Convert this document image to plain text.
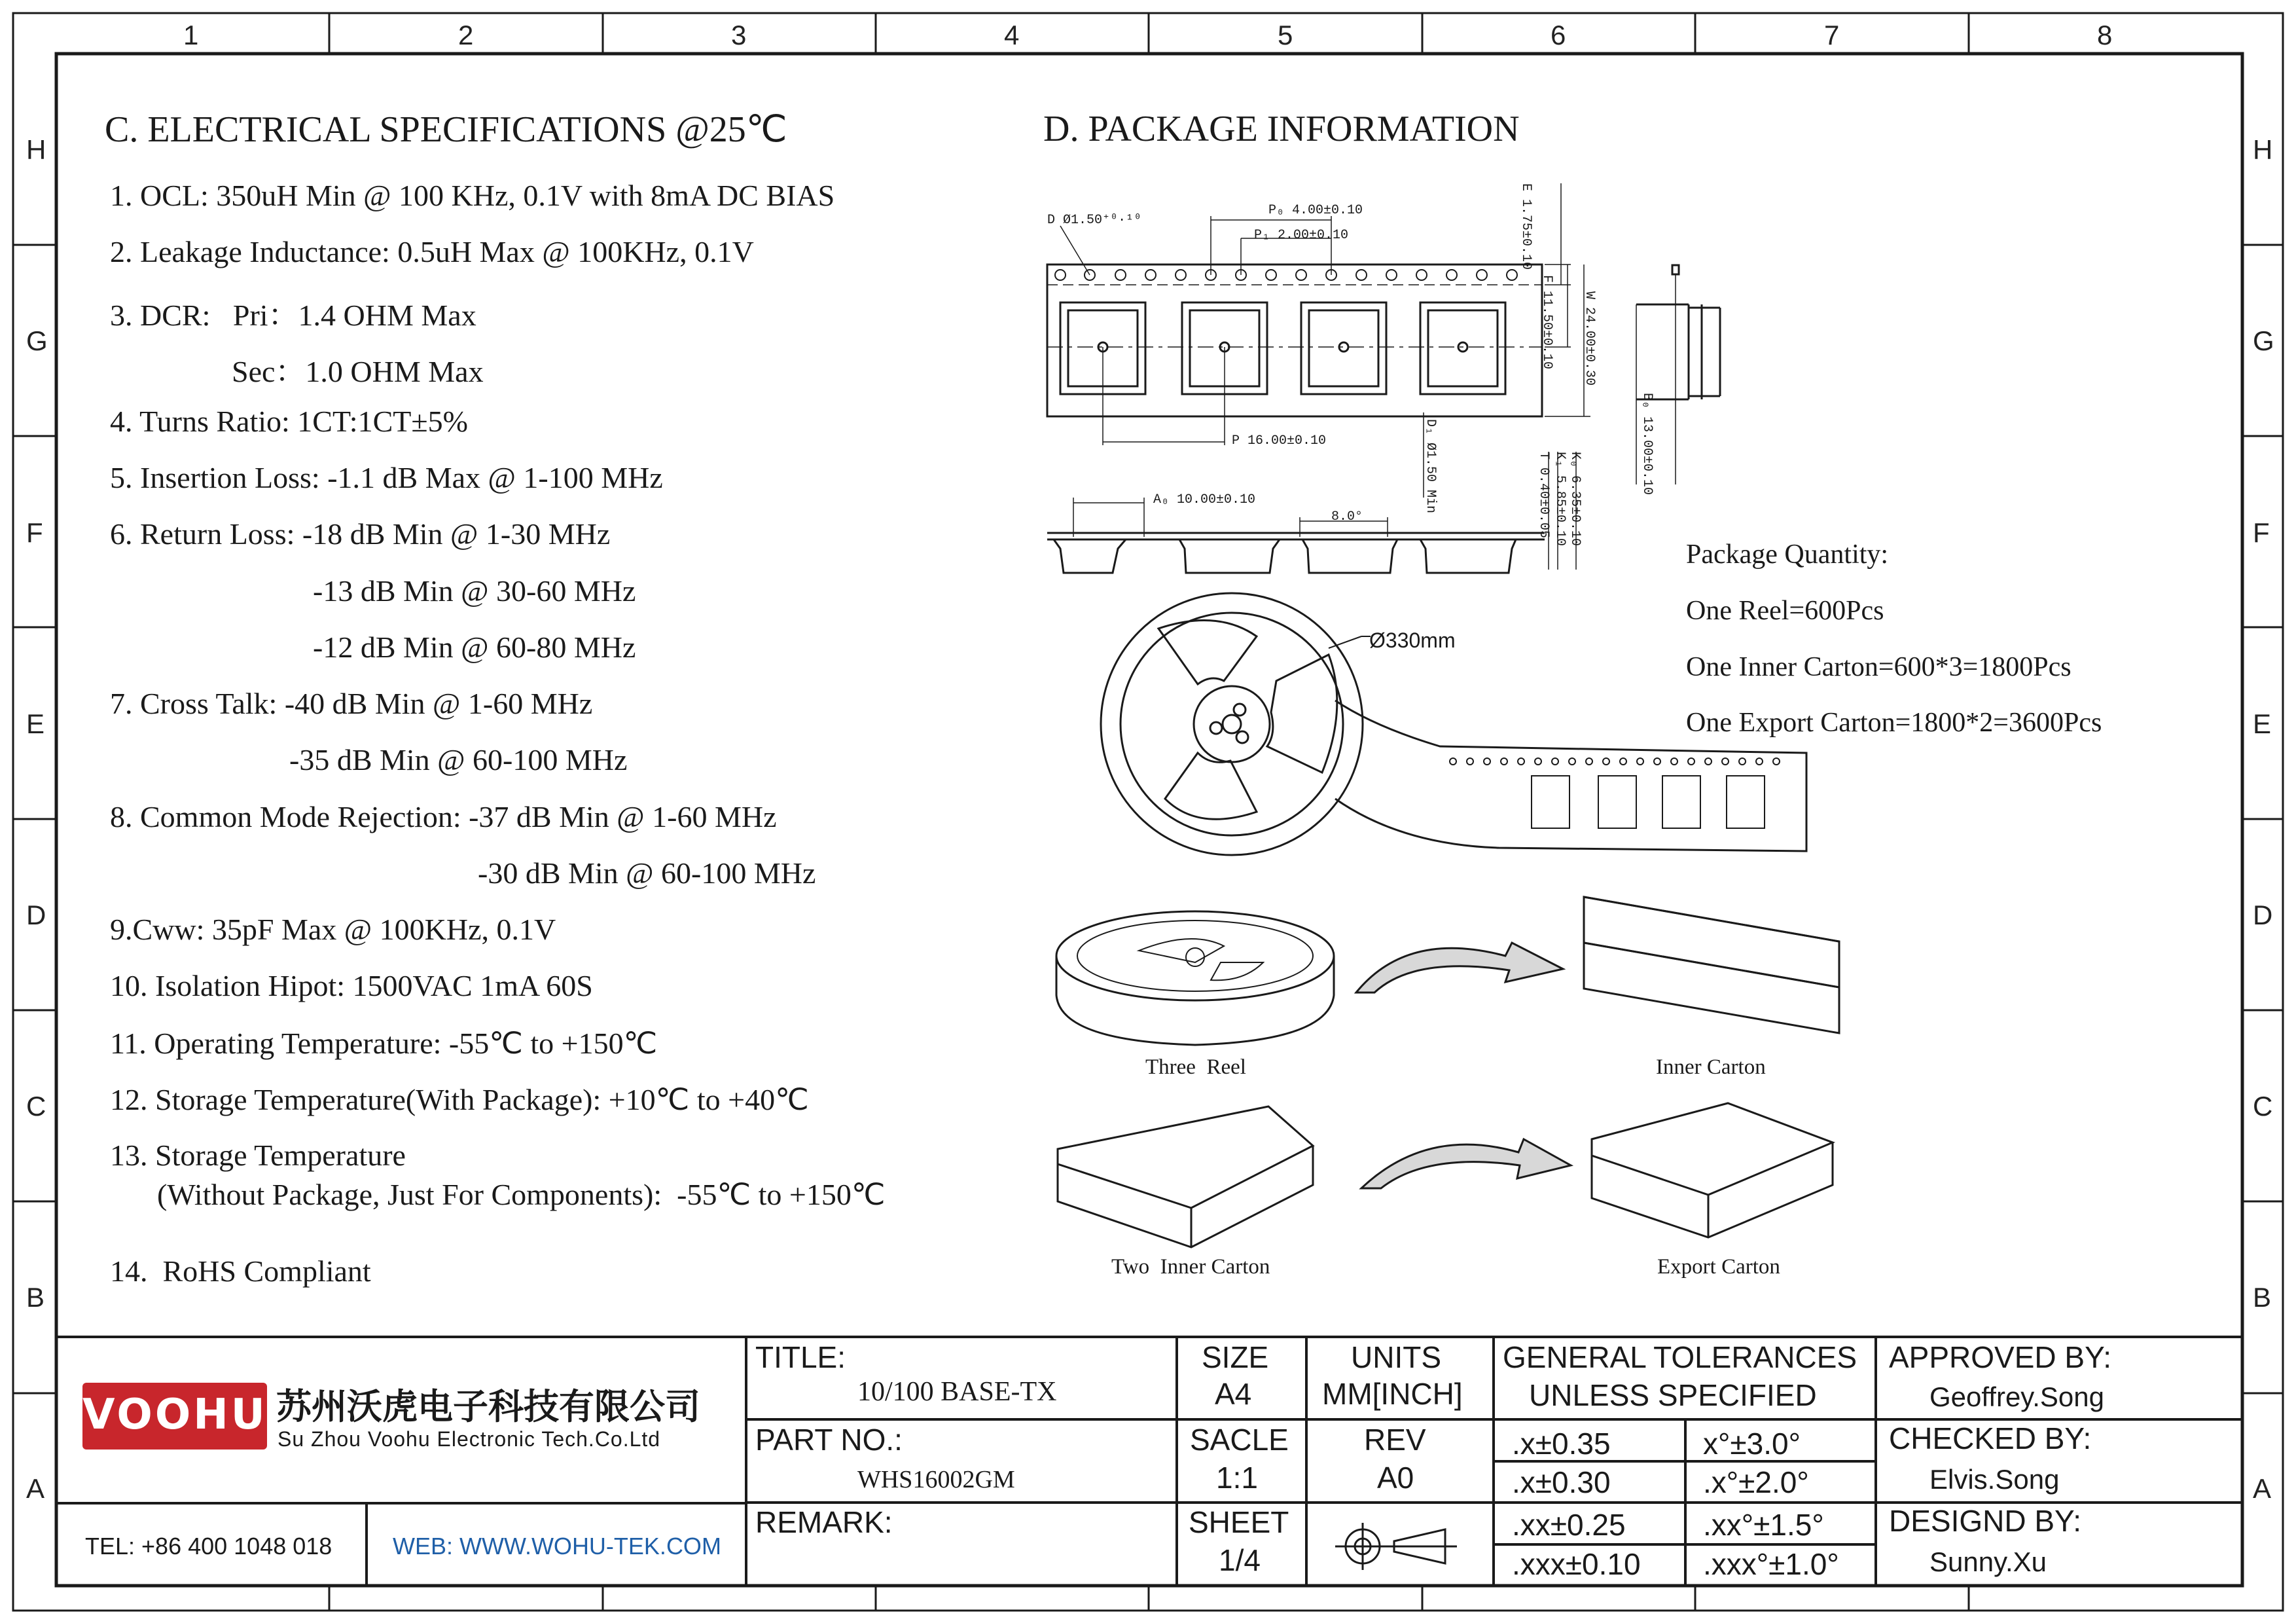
1	2	3	4	5	6	7	8
H
G
F
E
D
C
B
A
H
G
F
E
D
C
B
A
C. ELECTRICAL SPECIFICATIONS @25℃
1. OCL: 350uH Min @ 100 KHz, 0.1V with 8mA DC BIAS
2. Leakage Inductance: 0.5uH Max @ 100KHz, 0.1V
3. DCR:   Pri：1.4 OHM Max
Sec：1.0 OHM Max
4. Turns Ratio: 1CT:1CT±5%
5. Insertion Loss: -1.1 dB Max @ 1-100 MHz
6. Return Loss: -18 dB Min @ 1-30 MHz
-13 dB Min @ 30-60 MHz
-12 dB Min @ 60-80 MHz
7. Cross Talk: -40 dB Min @ 1-60 MHz
-35 dB Min @ 60-100 MHz
8. Common Mode Rejection: -37 dB Min @ 1-60 MHz
-30 dB Min @ 60-100 MHz
9.Cww: 35pF Max @ 100KHz, 0.1V
10. Isolation Hipot: 1500VAC 1mA 60S
11. Operating Temperature: -55℃ to +150℃
12. Storage Temperature(With Package): +10℃ to +40℃
13. Storage Temperature
(Without Package, Just For Components):  -55℃ to +150℃
14.  RoHS Compliant
D. PACKAGE INFORMATION
D Ø1.50⁺⁰·¹⁰
P₀ 4.00±0.10
P₁ 2.00±0.10
P 16.00±0.10
A₀ 10.00±0.10
8.0°
E 1.75±0.10
F 11.50±0.10 W 24.00±0.30
D₁ Ø1.50 Min	T 0.40±0.05 K₁ 5.85±0.10 K₀ 6.35±0.10
B₀ 13.00±0.10
Ø330mm
Package Quantity:
One Reel=600Pcs
One Inner Carton=600*3=1800Pcs
One Export Carton=1800*2=3600Pcs
Three  Reel	Inner Carton
Two  Inner Carton	Export Carton

VOOHU 苏州沃虎电子科技有限公司
Su Zhou Voohu Electronic Tech.Co.Ltd
TEL: +86 400 1048 018	WEB: WWW.WOHU-TEK.COM
TITLE:
10/100 BASE-TX
PART NO.:
WHS16002GM
REMARK:
SIZE
A4
UNITS
MM[INCH]
SACLE
1:1
REV
A0
SHEET
1/4
GENERAL TOLERANCES
UNLESS SPECIFIED
.x±0.35	x°±3.0°
.x±0.30	.x°±2.0°
.xx±0.25	.xx°±1.5°
.xxx±0.10 .xxx°±1.0°
APPROVED BY:
Geoffrey.Song
CHECKED BY:
Elvis.Song
DESIGND BY:
Sunny.Xu
